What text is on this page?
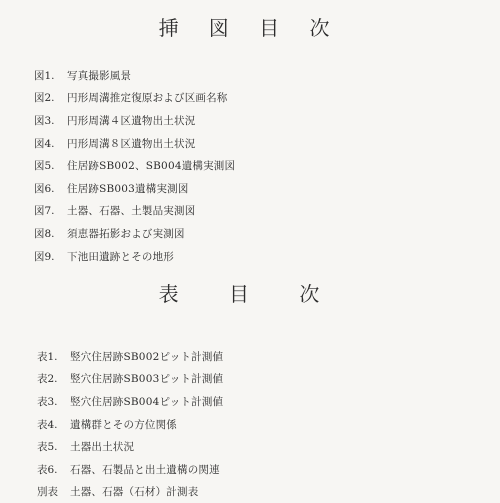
挿 図 目 次
図1.	写真撮影風景
図2.	円形周溝推定復原および区画名称
図3.	円形周溝４区遺物出土状況
図4.	円形周溝８区遺物出土状況
図5.	住居跡SB002、SB004遺構実測図
図6.	住居跡SB003遺構実測図
図7.	土器、石器、土製品実測図
図8.	須恵器拓影および実測図
図9.	下池田遺跡とその地形
表 目 次
表1.	竪穴住居跡SB002ピット計測値
表2.	竪穴住居跡SB003ピット計測値
表3.	竪穴住居跡SB004ピット計測値
表4.	遺構群とその方位関係
表5.	土器出土状況
表6.	石器、石製品と出土遺構の関連
別表	土器、石器（石材）計測表
